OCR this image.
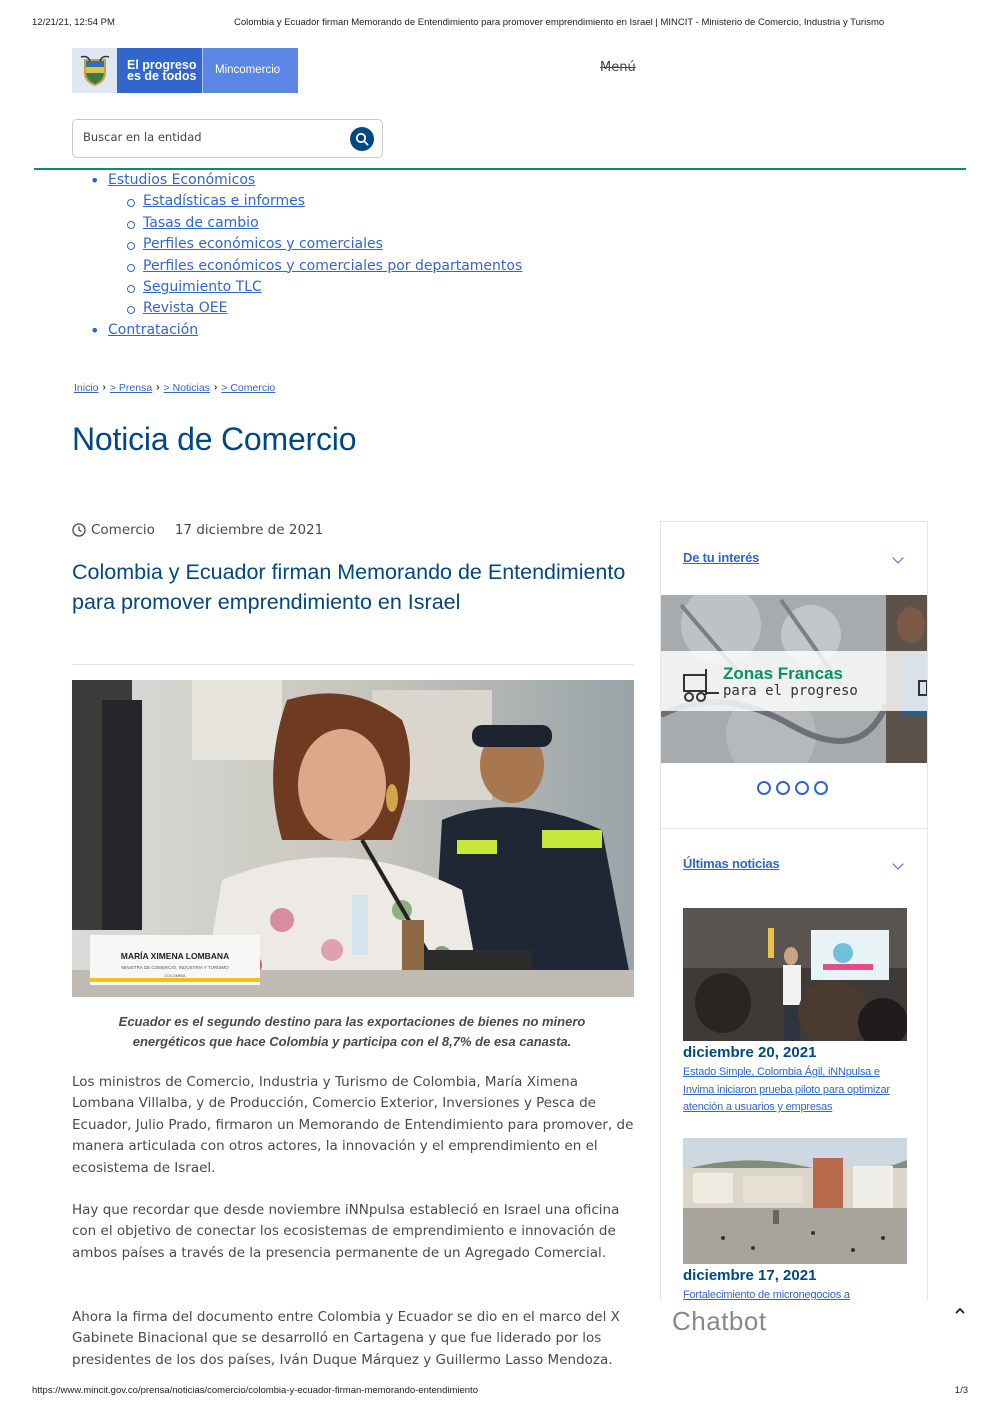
12/21/21, 12:54 PM	Colombia y Ecuador firman Memorando de Entendimiento para promover emprendimiento en Israel | MINCIT - Ministerio de Comercio, Industria y Turismo
El progreso
es de todos	Mincomercio	Menú
Buscar en la entidad
• Estudios Económicos
Estadísticas e informes
Tasas de cambio
Perfiles económicos y comerciales
Perfiles económicos y comerciales por departamentos
Seguimiento TLC
Revista OEE
• Contratación
Inicio › > Prensa › > Noticias › > Comercio
Noticia de Comercio
Comercio 17 diciembre de 2021
Colombia y Ecuador firman Memorando de Entendimiento para promover emprendimiento en Israel
MARÍA XIMENA LOMBANA
MINISTRA DE COMERCIO, INDUSTRIA Y TURISMO
COLOMBIA

Ecuador es el segundo destino para las exportaciones de bienes no minero energéticos que hace Colombia y participa con el 8,7% de esa canasta.

Los ministros de Comercio, Industria y Turismo de Colombia, María Ximena Lombana Villalba, y de Producción, Comercio Exterior, Inversiones y Pesca de Ecuador, Julio Prado, firmaron un Memorando de Entendimiento para promover, de manera articulada con otros actores, la innovación y el emprendimiento en el ecosistema de Israel.

Hay que recordar que desde noviembre iNNpulsa estableció en Israel una oficina con el objetivo de conectar los ecosistemas de emprendimiento e innovación de ambos países a través de la presencia permanente de un Agregado Comercial.

Ahora la firma del documento entre Colombia y Ecuador se dio en el marco del X Gabinete Binacional que se desarrolló en Cartagena y que fue liderado por los presidentes de los dos países, Iván Duque Márquez y Guillermo Lasso Mendoza.

De tu interés
Zonas Francas
para el progreso
Últimas noticias
diciembre 20, 2021
Estado Simple, Colombia Ágil, iNNpulsa e Invima iniciaron prueba piloto para optimizar atención a usuarios y empresas
diciembre 17, 2021
Fortalecimiento de micronegocios a
Chatbot
https://www.mincit.gov.co/prensa/noticias/comercio/colombia-y-ecuador-firman-memorando-entendimiento	1/3
